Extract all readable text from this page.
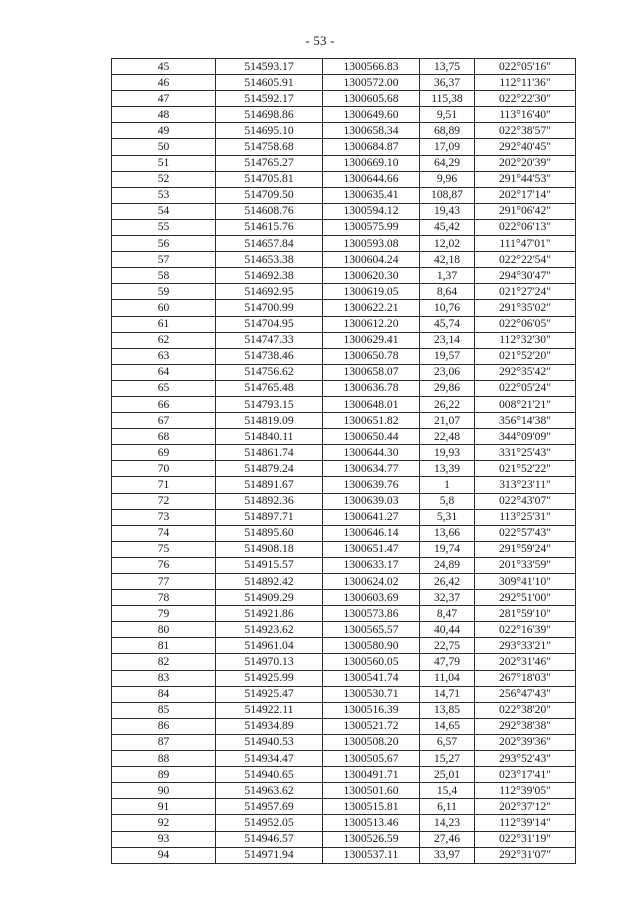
- 53 -
45	514593.17	1300566.83	13,75	022°05'16"
46	514605.91	1300572.00	36,37	112°11'36"
47	514592.17	1300605.68	115,38	022°22'30"
48	514698.86	1300649.60	9,51	113°16'40"
49	514695.10	1300658.34	68,89	022°38'57"
50	514758.68	1300684.87	17,09	292°40'45"
51	514765.27	1300669.10	64,29	202°20'39"
52	514705.81	1300644.66	9,96	291°44'53"
53	514709.50	1300635.41	108,87	202°17'14"
54	514608.76	1300594.12	19,43	291°06'42"
55	514615.76	1300575.99	45,42	022°06'13"
56	514657.84	1300593.08	12,02	111°47'01"
57	514653.38	1300604.24	42,18	022°22'54"
58	514692.38	1300620.30	1,37	294°30'47"
59	514692.95	1300619.05	8,64	021°27'24"
60	514700.99	1300622.21	10,76	291°35'02"
61	514704.95	1300612.20	45,74	022°06'05"
62	514747.33	1300629.41	23,14	112°32'30"
63	514738.46	1300650.78	19,57	021°52'20"
64	514756.62	1300658.07	23,06	292°35'42"
65	514765.48	1300636.78	29,86	022°05'24"
66	514793.15	1300648.01	26,22	008°21'21"
67	514819.09	1300651.82	21,07	356°14'38"
68	514840.11	1300650.44	22,48	344°09'09"
69	514861.74	1300644.30	19,93	331°25'43"
70	514879.24	1300634.77	13,39	021°52'22"
71	514891.67	1300639.76	1	313°23'11"
72	514892.36	1300639.03	5,8	022°43'07"
73	514897.71	1300641.27	5,31	113°25'31"
74	514895.60	1300646.14	13,66	022°57'43"
75	514908.18	1300651.47	19,74	291°59'24"
76	514915.57	1300633.17	24,89	201°33'59"
77	514892.42	1300624.02	26,42	309°41'10"
78	514909.29	1300603.69	32,37	292°51'00"
79	514921.86	1300573.86	8,47	281°59'10"
80	514923.62	1300565.57	40,44	022°16'39"
81	514961.04	1300580.90	22,75	293°33'21"
82	514970.13	1300560.05	47,79	202°31'46"
83	514925.99	1300541.74	11,04	267°18'03"
84	514925.47	1300530.71	14,71	256°47'43"
85	514922.11	1300516.39	13,85	022°38'20"
86	514934.89	1300521.72	14,65	292°38'38"
87	514940.53	1300508.20	6,57	202°39'36"
88	514934.47	1300505.67	15,27	293°52'43"
89	514940.65	1300491.71	25,01	023°17'41"
90	514963.62	1300501.60	15,4	112°39'05"
91	514957.69	1300515.81	6,11	202°37'12"
92	514952.05	1300513.46	14,23	112°39'14"
93	514946.57	1300526.59	27,46	022°31'19"
94	514971.94	1300537.11	33,97	292°31'07"
